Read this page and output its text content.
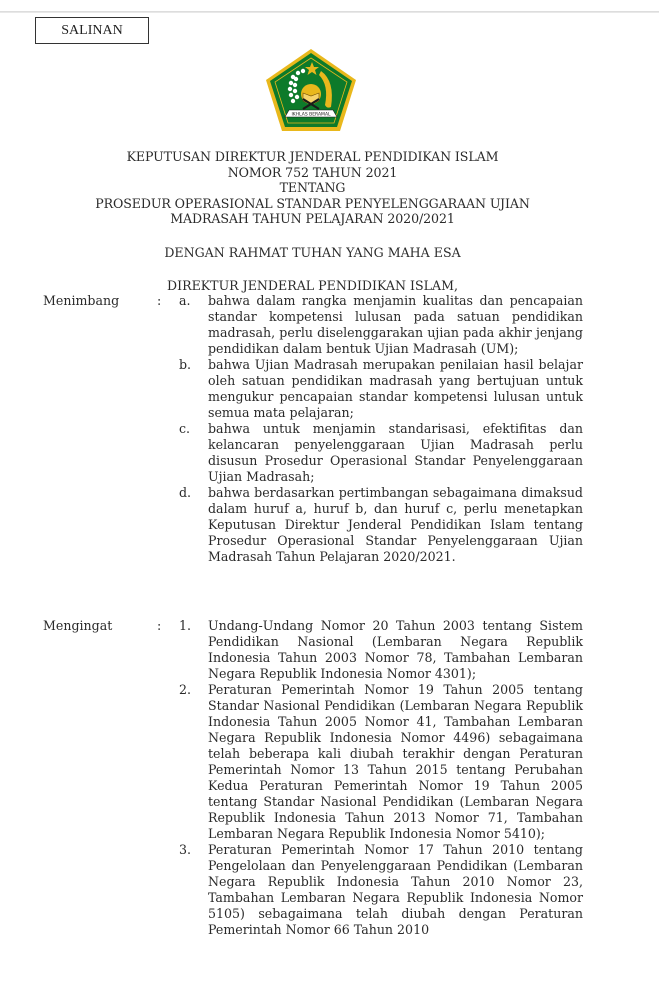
SALINAN
IKHLAS BERAMAL
KEPUTUSAN DIREKTUR JENDERAL PENDIDIKAN ISLAM
NOMOR 752 TAHUN 2021
TENTANG
PROSEDUR OPERASIONAL STANDAR PENYELENGGARAAN UJIAN
MADRASAH TAHUN PELAJARAN 2020/2021
DENGAN RAHMAT TUHAN YANG MAHA ESA
DIREKTUR JENDERAL PENDIDIKAN ISLAM,
Menimbang	: a. bahwa dalam rangka menjamin kualitas dan pencapaian standar kompetensi lulusan pada satuan pendidikan madrasah, perlu diselenggarakan ujian pada akhir jenjang pendidikan dalam bentuk Ujian Madrasah (UM);
b. bahwa Ujian Madrasah merupakan penilaian hasil belajar oleh satuan pendidikan madrasah yang bertujuan untuk mengukur pencapaian standar kompetensi lulusan untuk semua mata pelajaran;
c. bahwa untuk menjamin standarisasi, efektifitas dan kelancaran penyelenggaraan Ujian Madrasah perlu disusun Prosedur Operasional Standar Penyelenggaraan Ujian Madrasah;
d. bahwa berdasarkan pertimbangan sebagaimana dimaksud dalam huruf a, huruf b, dan huruf c, perlu menetapkan Keputusan Direktur Jenderal Pendidikan Islam tentang Prosedur Operasional Standar Penyelenggaraan Ujian Madrasah Tahun Pelajaran 2020/2021.
Mengingat	: 1. Undang-Undang Nomor 20 Tahun 2003 tentang Sistem Pendidikan Nasional (Lembaran Negara Republik Indonesia Tahun 2003 Nomor 78, Tambahan Lembaran Negara Republik Indonesia Nomor 4301);
2. Peraturan Pemerintah Nomor 19 Tahun 2005 tentang Standar Nasional Pendidikan (Lembaran Negara Republik Indonesia Tahun 2005 Nomor 41, Tambahan Lembaran Negara Republik Indonesia Nomor 4496) sebagaimana telah beberapa kali diubah terakhir dengan Peraturan Pemerintah Nomor 13 Tahun 2015 tentang Perubahan Kedua Peraturan Pemerintah Nomor 19 Tahun 2005 tentang Standar Nasional Pendidikan (Lembaran Negara Republik Indonesia Tahun 2013 Nomor 71, Tambahan Lembaran Negara Republik Indonesia Nomor 5410);
3. Peraturan Pemerintah Nomor 17 Tahun 2010 tentang Pengelolaan dan Penyelenggaraan Pendidikan (Lembaran Negara Republik Indonesia Tahun 2010 Nomor 23, Tambahan Lembaran Negara Republik Indonesia Nomor 5105) sebagaimana telah diubah dengan Peraturan Pemerintah Nomor 66 Tahun 2010
